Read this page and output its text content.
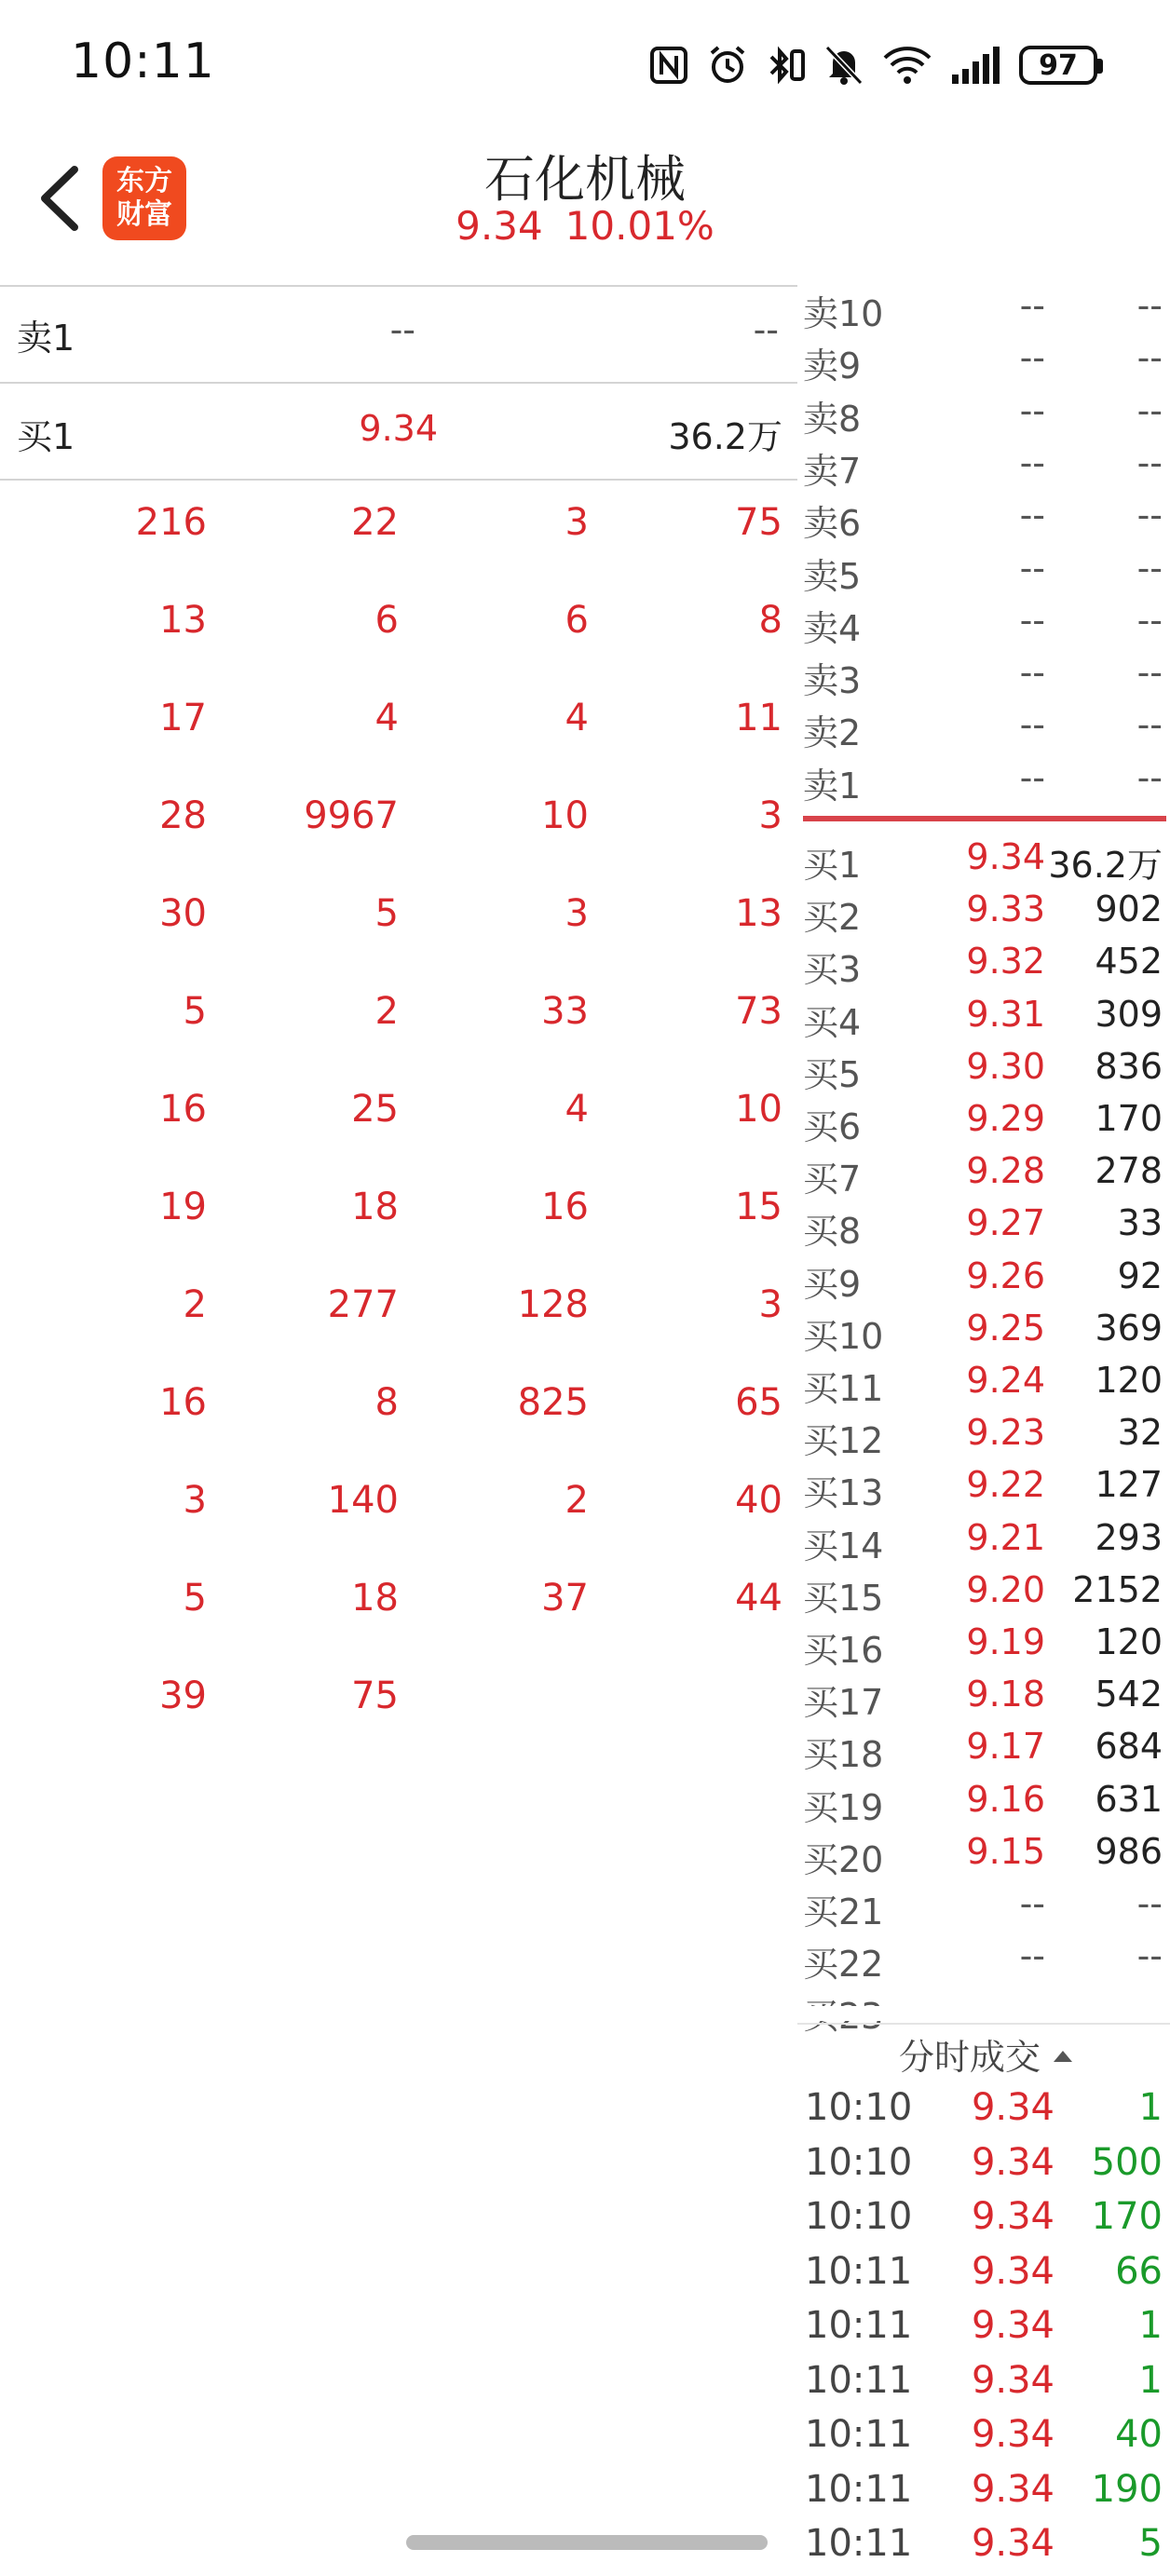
10:11	97
东方
财富
石化机械
9.34 10.01%
卖1	--	--
买1	9.34	36.2万
216	22	3	75
13	6	6	8
17	4	4	11
28	9967	10	3
30	5	3	13
5	2	33	73
16	25	4	10
19	18	16	15
2	277	128	3
16	8	825	65
3	140	2	40
5	18	37	44
39	75
卖10	--	--
卖9	--	--
卖8	--	--
卖7	--	--
卖6	--	--
卖5	--	--
卖4	--	--
卖3	--	--
卖2	--	--
卖1	--	--
买1	9.34 36.2万
买2	9.33 902
买3	9.32 452
买4	9.31 309
买5	9.30 836
买6	9.29 170
买7	9.28 278
买8	9.27 33
买9	9.26 92
买10 9.25 369
买11 9.24 120
买12 9.23 32
买13 9.22 127
买14 9.21 293
买15 9.20 2152
买16 9.19 120
买17 9.18 542
买18 9.17 684
买19 9.16 631
买20 9.15 986
买21	--	--
买22	--	--
分时成交
10:10 9.34 1
10:10 9.34 500
10:10 9.34 170
10:11 9.34 66
10:11 9.34 1
10:11 9.34 1
10:11 9.34 40
10:11 9.34 190
10:11 9.34 5
